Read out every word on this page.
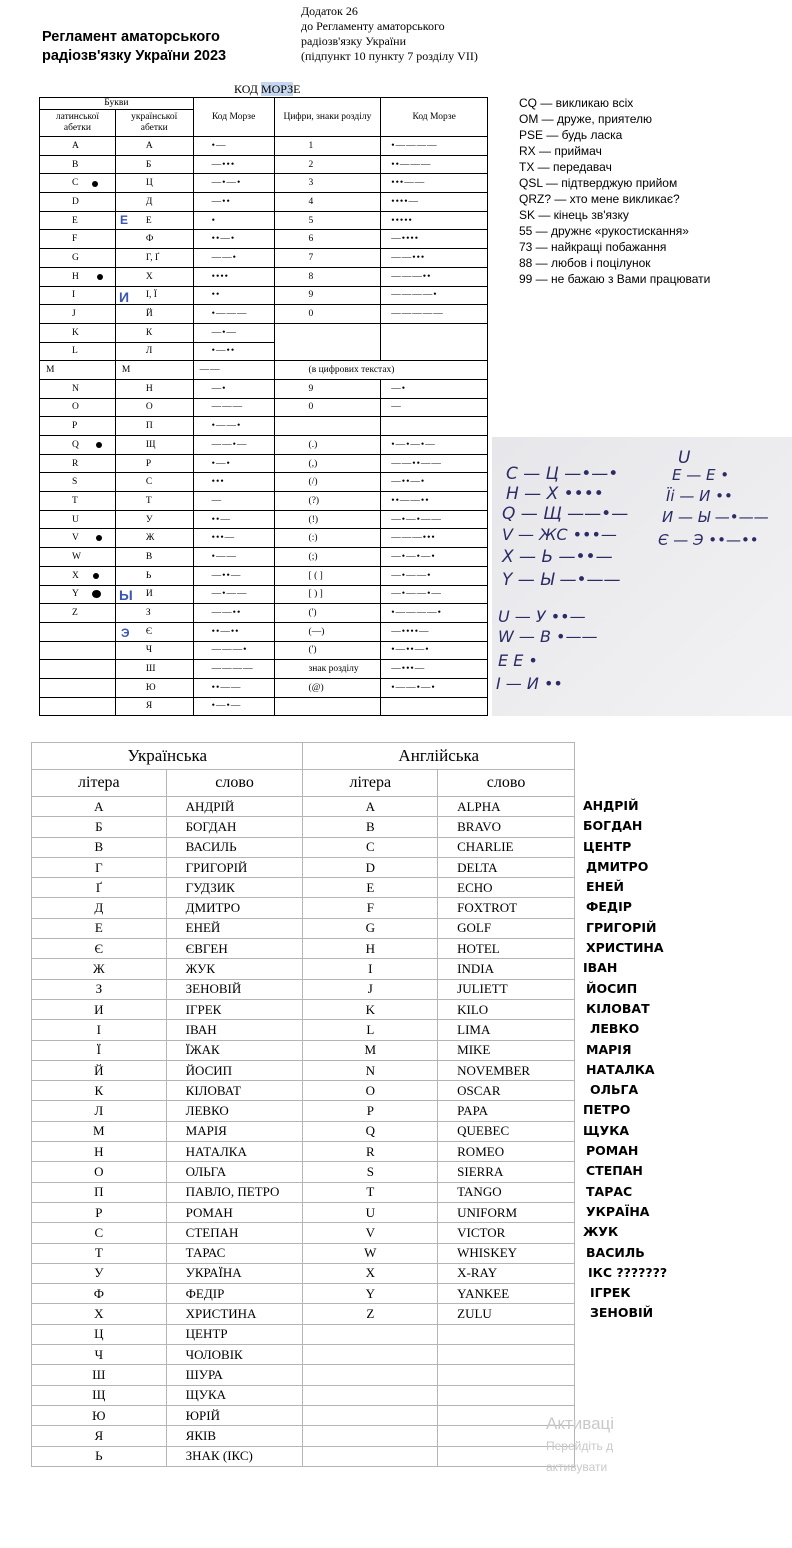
Регламент аматорського
радіозв'язку України 2023
Додаток 26
до Регламенту аматорського
радіозв'язку України
(підпункт 10 пункту 7 розділу VII)
КОД МОРЗЕ
Букви		Код Морзе	Цифри, знаки розділу	Код Морзе
латинської абетки	української абетки			
A	А	•—	1	•————
B	Б	—•••	2	••———
C	Ц	—•—•	3	•••——
D	Д	—••	4	••••—
E	Е	•	5	•••••
F	Ф	••—•	6	—••••
G	Г, Ґ	——•	7	——•••
H	Х	••••	8	———••
I	І, Ї	••	9	————•
J	Й	•———	0	—————
K	К	—•—		
L	Л	•—••		
M	М	——	(в цифрових текстах)	
N	Н	—•	9	—•
O	О	———	0	—
P	П	•——•		
Q	Щ	——•—	(.)	•—•—•—
R	Р	•—•	(,)	——••——
S	С	•••	(/)	—••—•
T	Т	—	(?)	••——••
U	У	••—	(!)	—•—•——
V	Ж	•••—	(:)	———•••
W	В	•——	(;)	—•—•—•
X	Ь	—••—	[ ( ]	—•——•
Y	И	—•——	[ ) ]	—•——•—
Z	З	——••	(')	•————•
	Є	••—••	(—)	—••••—
	Ч	———•	(')	•—••—•
	Ш	————	знак розділу	—•••—
	Ю	••——	(@)	•——•—•
	Я	•—•—		
Е
И
Ы
Э
CQ — викликаю всіх
OM — друже, приятелю
PSE — будь ласка
RX — приймач
TX — передавач
QSL — підтверджую прийом
QRZ? — хто мене викликає?
SK — кінець зв'язку
55 — дружнє «рукостискання»
73 — найкращі побажання
88 — любов і поцілунок
99 — не бажаю з Вами працювати
С — Ц —•—•
Н — Х ••••
Q — Щ ——•—
V — ЖС •••—
Х — Ь —••—
Y — Ы —•——
U — У ••—
W — В •——
Е Е •
І — И ••
U
Е — Е •
Ïi — И ••
И — Ы —•——
Є — Э ••—••
Українська		Англійська	
літера	слово	літера	слово
А	АНДРІЙ	A	ALPHA
Б	БОГДАН	B	BRAVO
В	ВАСИЛЬ	C	CHARLIE
Г	ГРИГОРІЙ	D	DELTA
Ґ	ГУДЗИК	E	ECHO
Д	ДМИТРО	F	FOXTROT
Е	ЕНЕЙ	G	GOLF
Є	ЄВГЕН	H	HOTEL
Ж	ЖУК	I	INDIA
З	ЗЕНОВІЙ	J	JULIETT
И	ІГРЕК	K	KILO
І	ІВАН	L	LIMA
Ї	ЇЖАК	M	MIKE
Й	ЙОСИП	N	NOVEMBER
К	КІЛОВАТ	O	OSCAR
Л	ЛЕВКО	P	PAPA
М	МАРІЯ	Q	QUEBEC
Н	НАТАЛКА	R	ROMEO
О	ОЛЬГА	S	SIERRA
П	ПАВЛО, ПЕТРО	T	TANGO
Р	РОМАН	U	UNIFORM
С	СТЕПАН	V	VICTOR
Т	ТАРАС	W	WHISKEY
У	УКРАЇНА	X	X-RAY
Ф	ФЕДІР	Y	YANKEE
Х	ХРИСТИНА	Z	ZULU
Ц	ЦЕНТР		
Ч	ЧОЛОВІК		
Ш	ШУРА		
Щ	ЩУКА		
Ю	ЮРІЙ		
Я	ЯКІВ		
Ь	ЗНАК (ІКС)		
АНДРІЙ
БОГДАН
ЦЕНТР
ДМИТРО
ЕНЕЙ
ФЕДІР
ГРИГОРІЙ
ХРИСТИНА
ІВАН
ЙОСИП
КІЛОВАТ
ЛЕВКО
МАРІЯ
НАТАЛКА
ОЛЬГА
ПЕТРО
ЩУКА
РОМАН
СТЕПАН
ТАРАС
УКРАЇНА
ЖУК
ВАСИЛЬ
ІКС ???????
ІГРЕК
ЗЕНОВІЙ
Активаці
Перейдіть д
активувати
